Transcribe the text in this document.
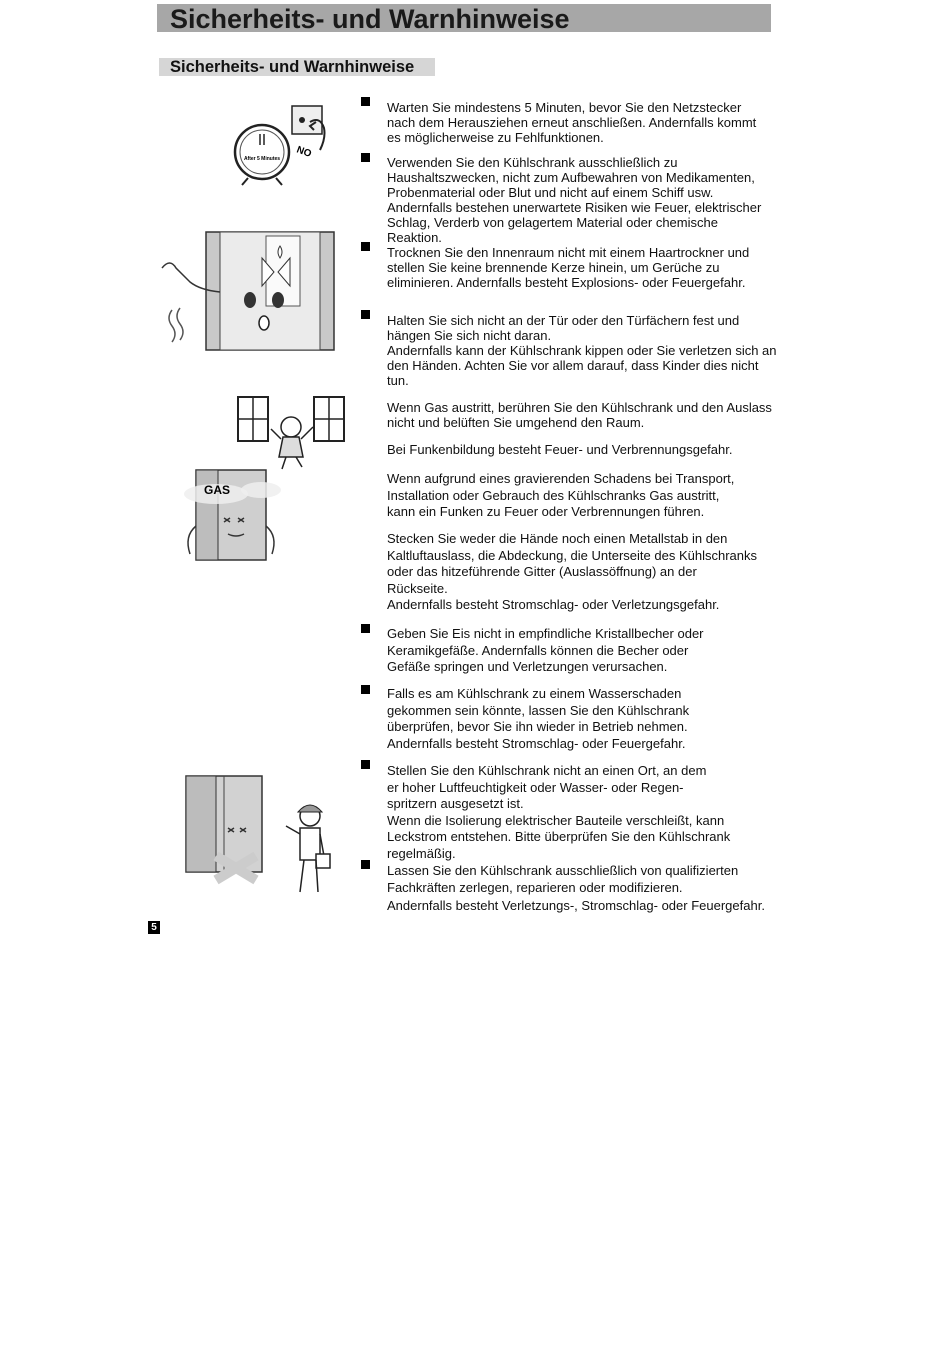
Sicherheits- und Warnhinweise
Sicherheits- und Warnhinweise
Warten Sie mindestens 5 Minuten, bevor Sie den Netzstecker
nach dem Herausziehen erneut anschließen. Andernfalls kommt
es möglicherweise zu Fehlfunktionen.
Verwenden Sie den Kühlschrank ausschließlich zu
Haushaltszwecken, nicht zum Aufbewahren von Medikamenten,
Probenmaterial oder Blut und nicht auf einem Schiff usw.
Andernfalls bestehen unerwartete Risiken wie Feuer, elektrischer
Schlag, Verderb von gelagertem Material oder chemische
Reaktion.
Trocknen Sie den Innenraum nicht mit einem Haartrockner und
stellen Sie keine brennende Kerze hinein, um Gerüche zu
eliminieren. Andernfalls besteht Explosions- oder Feuergefahr.
Halten Sie sich nicht an der Tür oder den Türfächern fest und
hängen Sie sich nicht daran.
Andernfalls kann der Kühlschrank kippen oder Sie verletzen sich an
den Händen. Achten Sie vor allem darauf, dass Kinder dies nicht
tun.
Wenn Gas austritt, berühren Sie den Kühlschrank und den Auslass
nicht und belüften Sie umgehend den Raum.
Bei Funkenbildung besteht Feuer- und Verbrennungsgefahr.
Wenn aufgrund eines gravierenden Schadens bei Transport,
Installation oder Gebrauch des Kühlschranks Gas austritt,
kann ein Funken zu Feuer oder Verbrennungen führen.
Stecken Sie weder die Hände noch einen Metallstab in den
Kaltluftauslass, die Abdeckung, die Unterseite des Kühlschranks
oder das hitzeführende Gitter (Auslassöffnung) an der
Rückseite.
Andernfalls besteht Stromschlag- oder Verletzungsgefahr.
Geben Sie Eis nicht in empfindliche Kristallbecher oder
Keramikgefäße. Andernfalls können die Becher oder
Gefäße springen und Verletzungen verursachen.
Falls es am Kühlschrank zu einem Wasserschaden
gekommen sein könnte, lassen Sie den Kühlschrank
überprüfen, bevor Sie ihn wieder in Betrieb nehmen.
Andernfalls besteht Stromschlag- oder Feuergefahr.
Stellen Sie den Kühlschrank nicht an einen Ort, an dem
er hoher Luftfeuchtigkeit oder Wasser- oder Regen-
spritzern ausgesetzt ist.
Wenn die Isolierung elektrischer Bauteile verschleißt, kann
Leckstrom entstehen. Bitte überprüfen Sie den Kühlschrank
regelmäßig.
Lassen Sie den Kühlschrank ausschließlich von qualifizierten
Fachkräften zerlegen, reparieren oder modifizieren.
Andernfalls besteht Verletzungs-, Stromschlag- oder Feuergefahr.
After 5 Minutes NO
GAS
5
